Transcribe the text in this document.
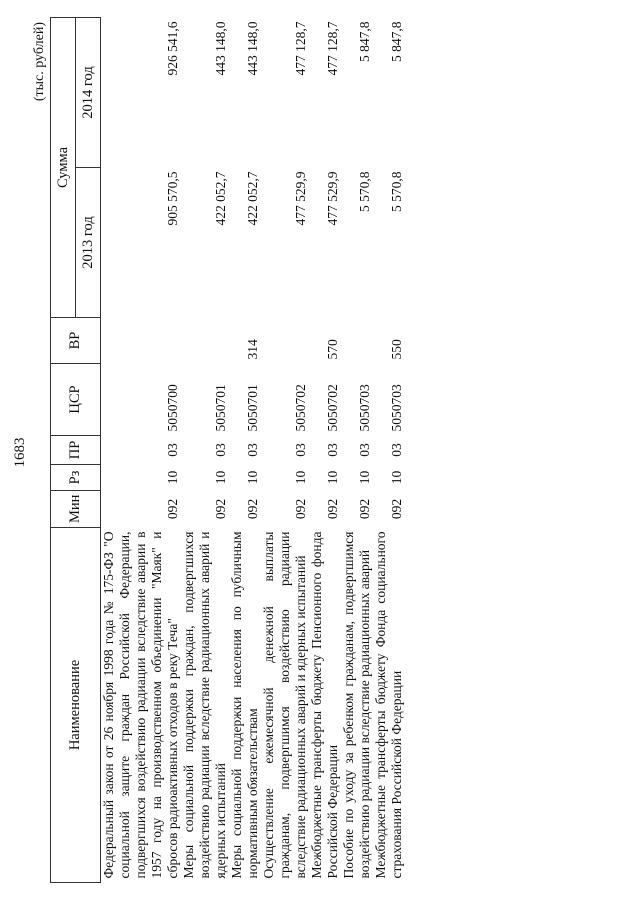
1683
(тыс. рублей)
Наименование	Мин	Рз	ПР	ЦСР	ВР	Сумма	
						2013 год	2014 год
Федеральный закон от 26 ноября 1998 года № 175-ФЗ "О социальной защите граждан Российской Федерации, подвергшихся воздействию радиации вследствие аварии в 1957 году на производственном объединении "Маяк" и сбросов радиоактивных отходов в реку Теча"	092	10	03	5050700		905 570,5	926 541,6
Меры социальной поддержки граждан, подвергшихся воздействию радиации вследствие радиационных аварий и ядерных испытаний	092	10	03	5050701		422 052,7	443 148,0
Меры социальной поддержки населения по публичным нормативным обязательствам	092	10	03	5050701	314	422 052,7	443 148,0
Осуществление ежемесячной денежной выплаты гражданам, подвергшимся воздействию радиации вследствие радиационных аварий и ядерных испытаний	092	10	03	5050702		477 529,9	477 128,7
Межбюджетные трансферты бюджету Пенсионного фонда Российской Федерации	092	10	03	5050702	570	477 529,9	477 128,7
Пособие по уходу за ребенком гражданам, подвергшимся воздействию радиации вследствие радиационных аварий	092	10	03	5050703		5 570,8	5 847,8
Межбюджетные трансферты бюджету Фонда социального страхования Российской Федерации	092	10	03	5050703	550	5 570,8	5 847,8
